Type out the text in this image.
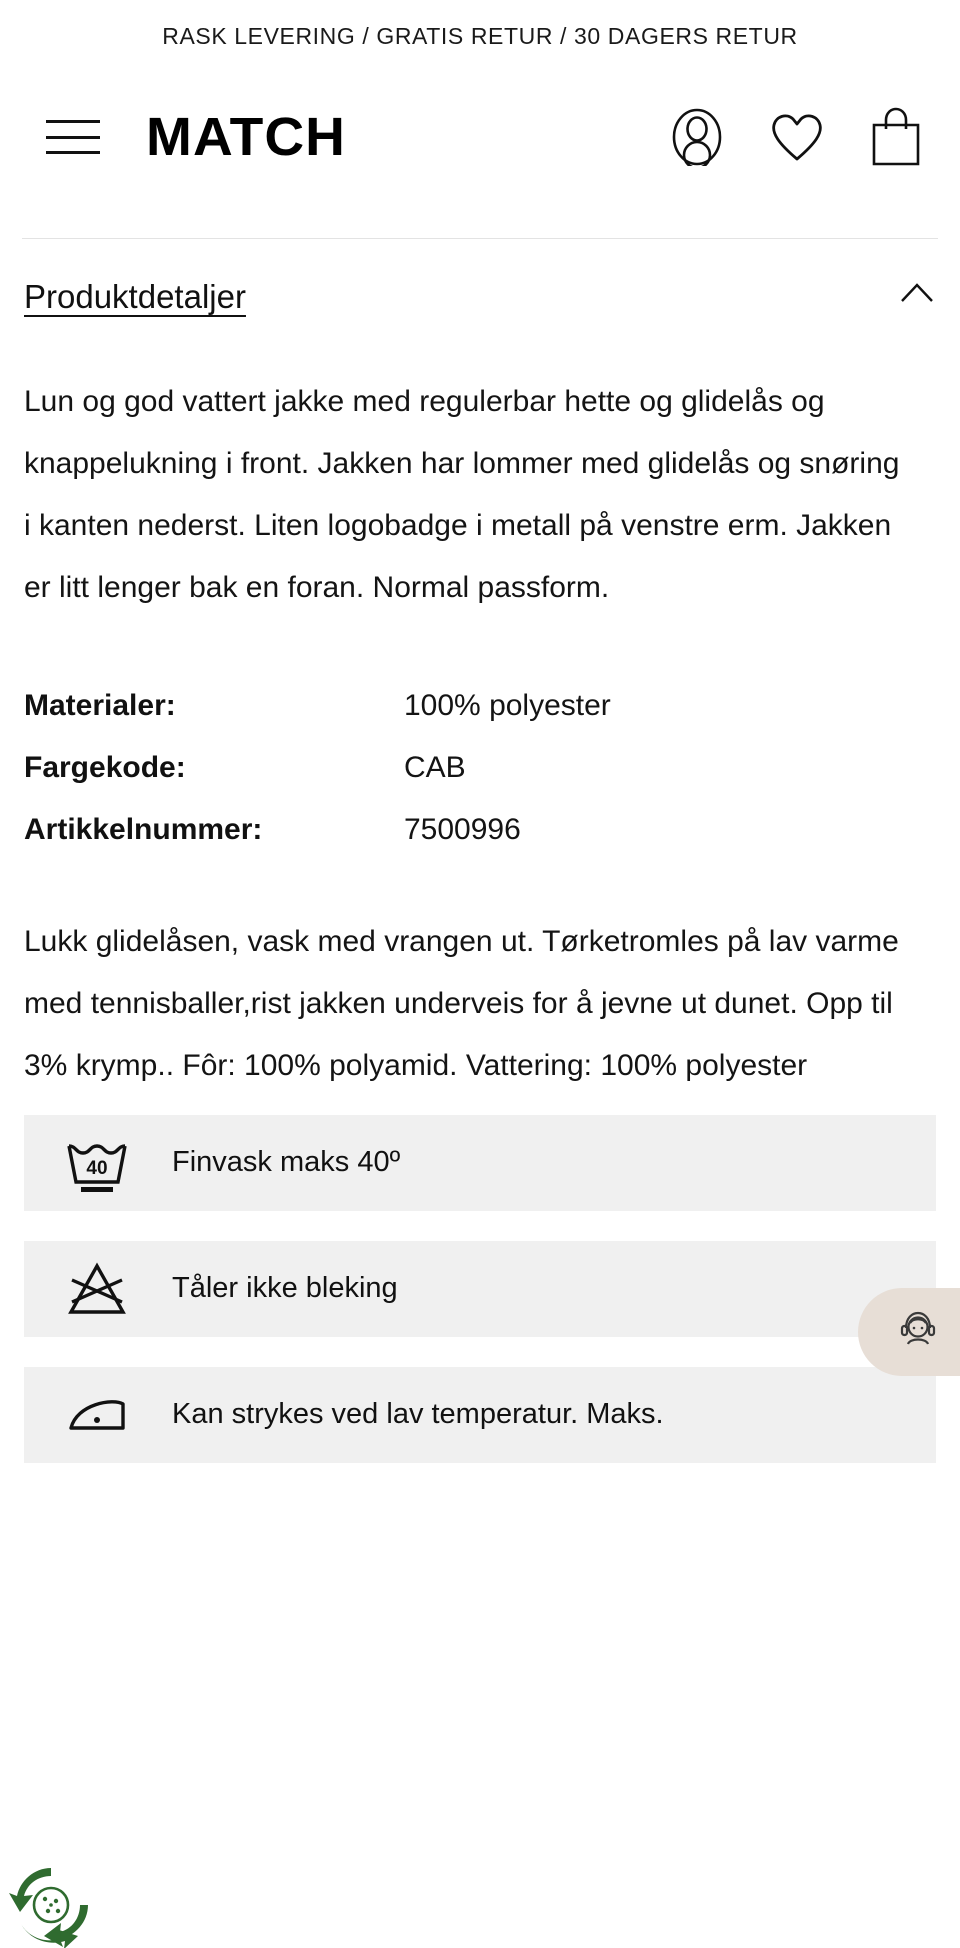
RASK LEVERING / GRATIS RETUR / 30 DAGERS RETUR
MATCH
Produktdetaljer
Lun og god vattert jakke med regulerbar hette og glidelås og knappelukning i front. Jakken har lommer med glidelås og snøring i kanten nederst. Liten logobadge i metall på venstre erm. Jakken er litt lenger bak en foran. Normal passform.
Materialer:	100% polyester
Fargekode:	CAB
Artikkelnummer:	7500996
Lukk glidelåsen, vask med vrangen ut. Tørketromles på lav varme med tennisballer,rist jakken underveis for å jevne ut dunet. Opp til 3% krymp.. Fôr: 100% polyamid. Vattering: 100% polyester
40 Finvask maks 40º
Tåler ikke bleking
Kan strykes ved lav temperatur. Maks.
